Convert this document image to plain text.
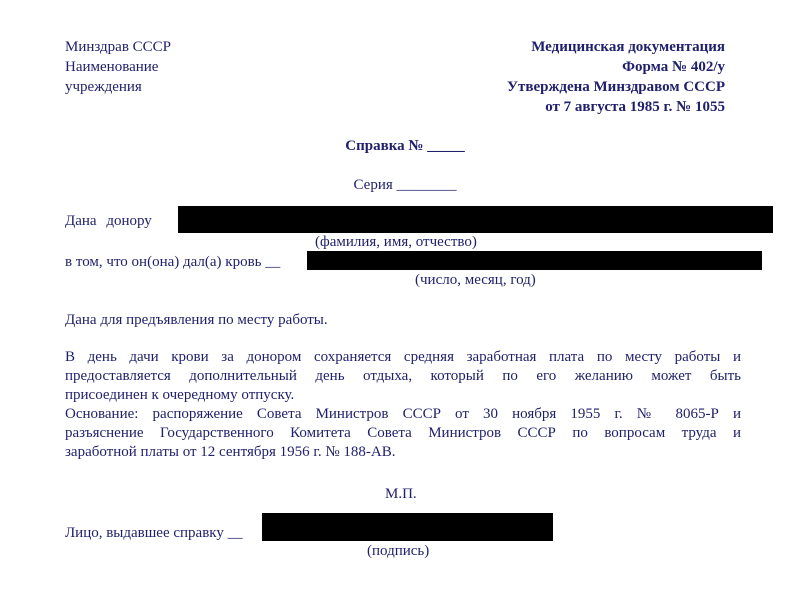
Минздрав СССР
Наименование
учреждения
Медицинская документация
Форма № 402/у
Утверждена Минздравом СССР
от 7 августа 1985 г. № 1055
Справка № _____
Серия ________
Дана донору
(фамилия, имя, отчество)
в том, что он(она) дал(а) кровь __
(число, месяц, год)
Дана для предъявления по месту работы.
В день дачи крови за донором сохраняется средняя заработная плата по месту работы и
предоставляется дополнительный день отдыха, который по его желанию может быть
присоединен к очередному отпуску.
Основание: распоряжение Совета Министров СССР от 30 ноября 1955 г. № 8065-Р и
разъяснение Государственного Комитета Совета Министров СССР по вопросам труда и
заработной платы от 12 сентября 1956 г. № 188-АВ.
М.П.
Лицо, выдавшее справку __
(подпись)
